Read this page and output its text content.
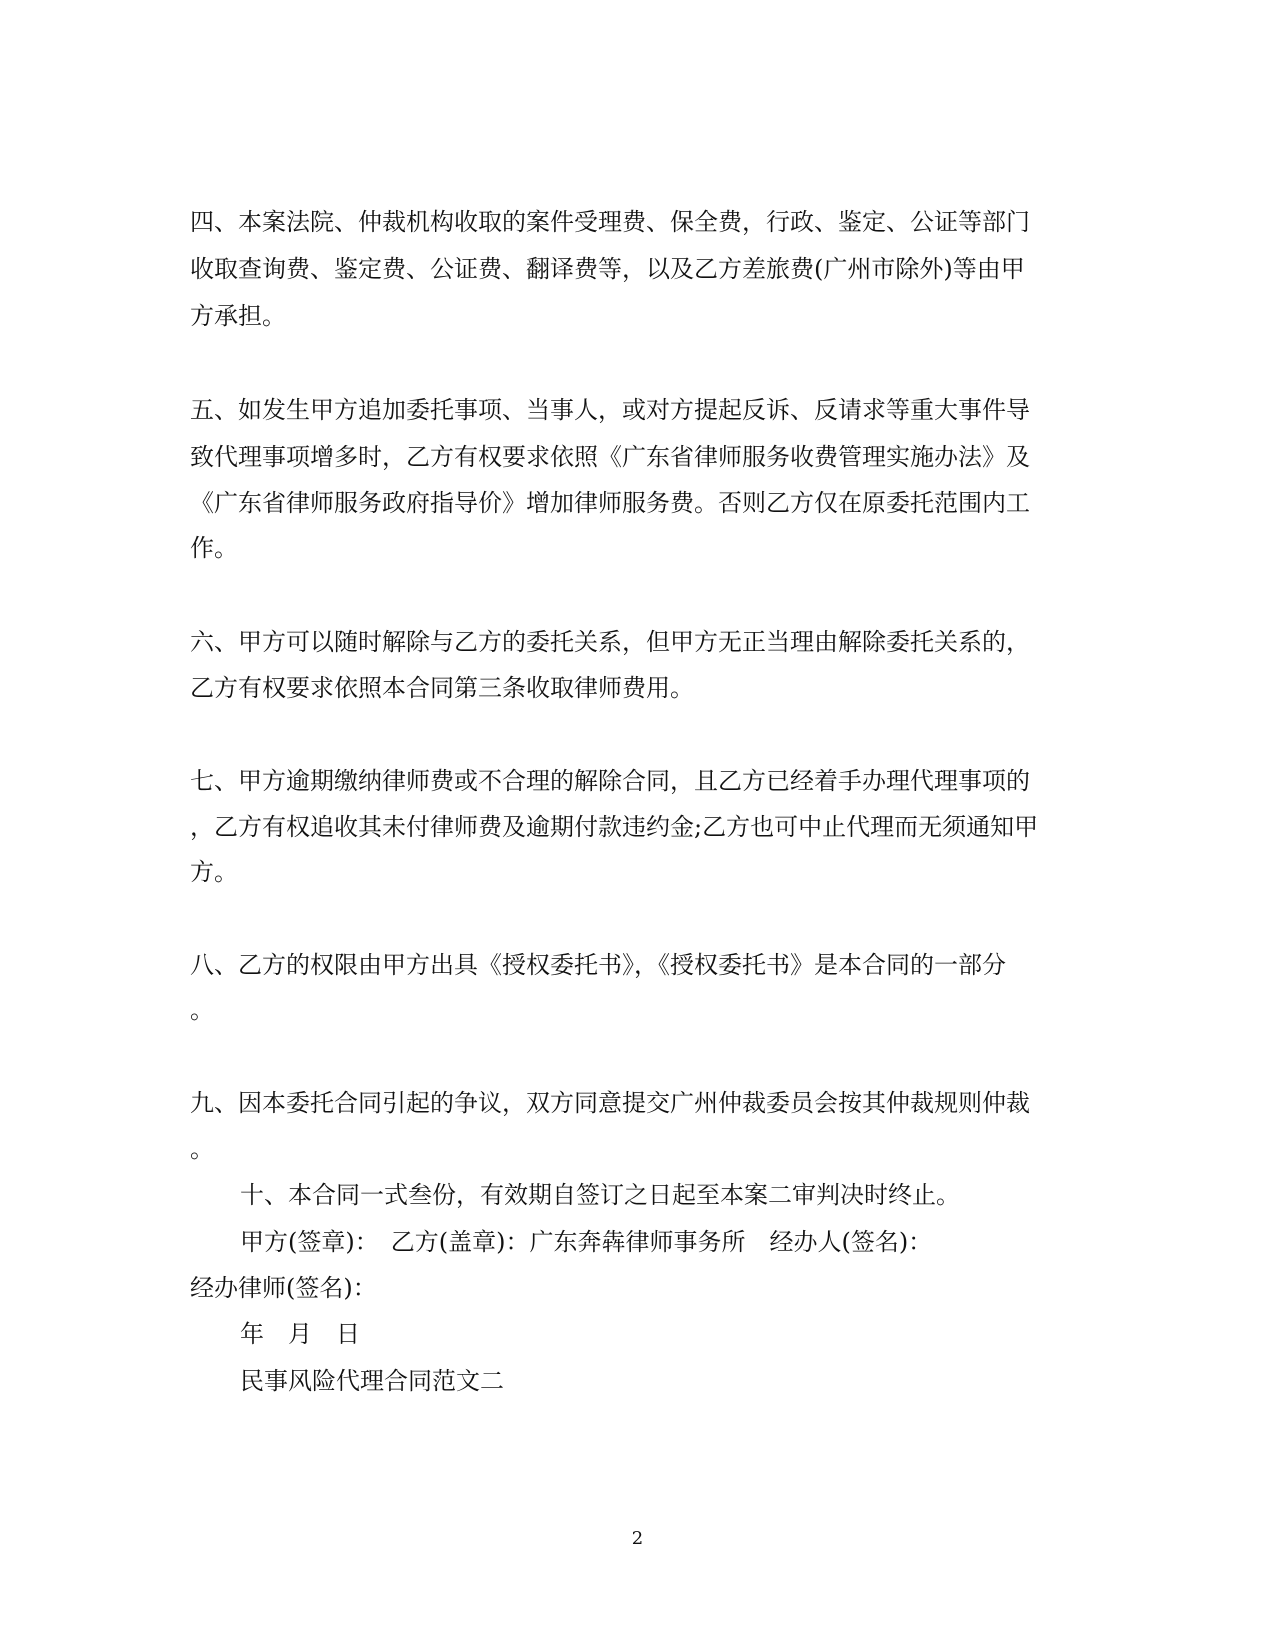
四、本案法院、仲裁机构收取的案件受理费、保全费，行政、鉴定、公证等部门
收取查询费、鉴定费、公证费、翻译费等，以及乙方差旅费(广州市除外)等由甲
方承担。
五、如发生甲方追加委托事项、当事人，或对方提起反诉、反请求等重大事件导
致代理事项增多时，乙方有权要求依照《广东省律师服务收费管理实施办法》及
《广东省律师服务政府指导价》增加律师服务费。否则乙方仅在原委托范围内工
作。
六、甲方可以随时解除与乙方的委托关系，但甲方无正当理由解除委托关系的，
乙方有权要求依照本合同第三条收取律师费用。
七、甲方逾期缴纳律师费或不合理的解除合同，且乙方已经着手办理代理事项的
，乙方有权追收其未付律师费及逾期付款违约金;乙方也可中止代理而无须通知甲
方。
八、乙方的权限由甲方出具《授权委托书》，《授权委托书》是本合同的一部分
。
九、因本委托合同引起的争议，双方同意提交广州仲裁委员会按其仲裁规则仲裁
。
十、本合同一式叁份，有效期自签订之日起至本案二审判决时终止。
甲方(签章)：　乙方(盖章)：广东奔犇律师事务所　经办人(签名)：
经办律师(签名)：
年　月　日
民事风险代理合同范文二
2
